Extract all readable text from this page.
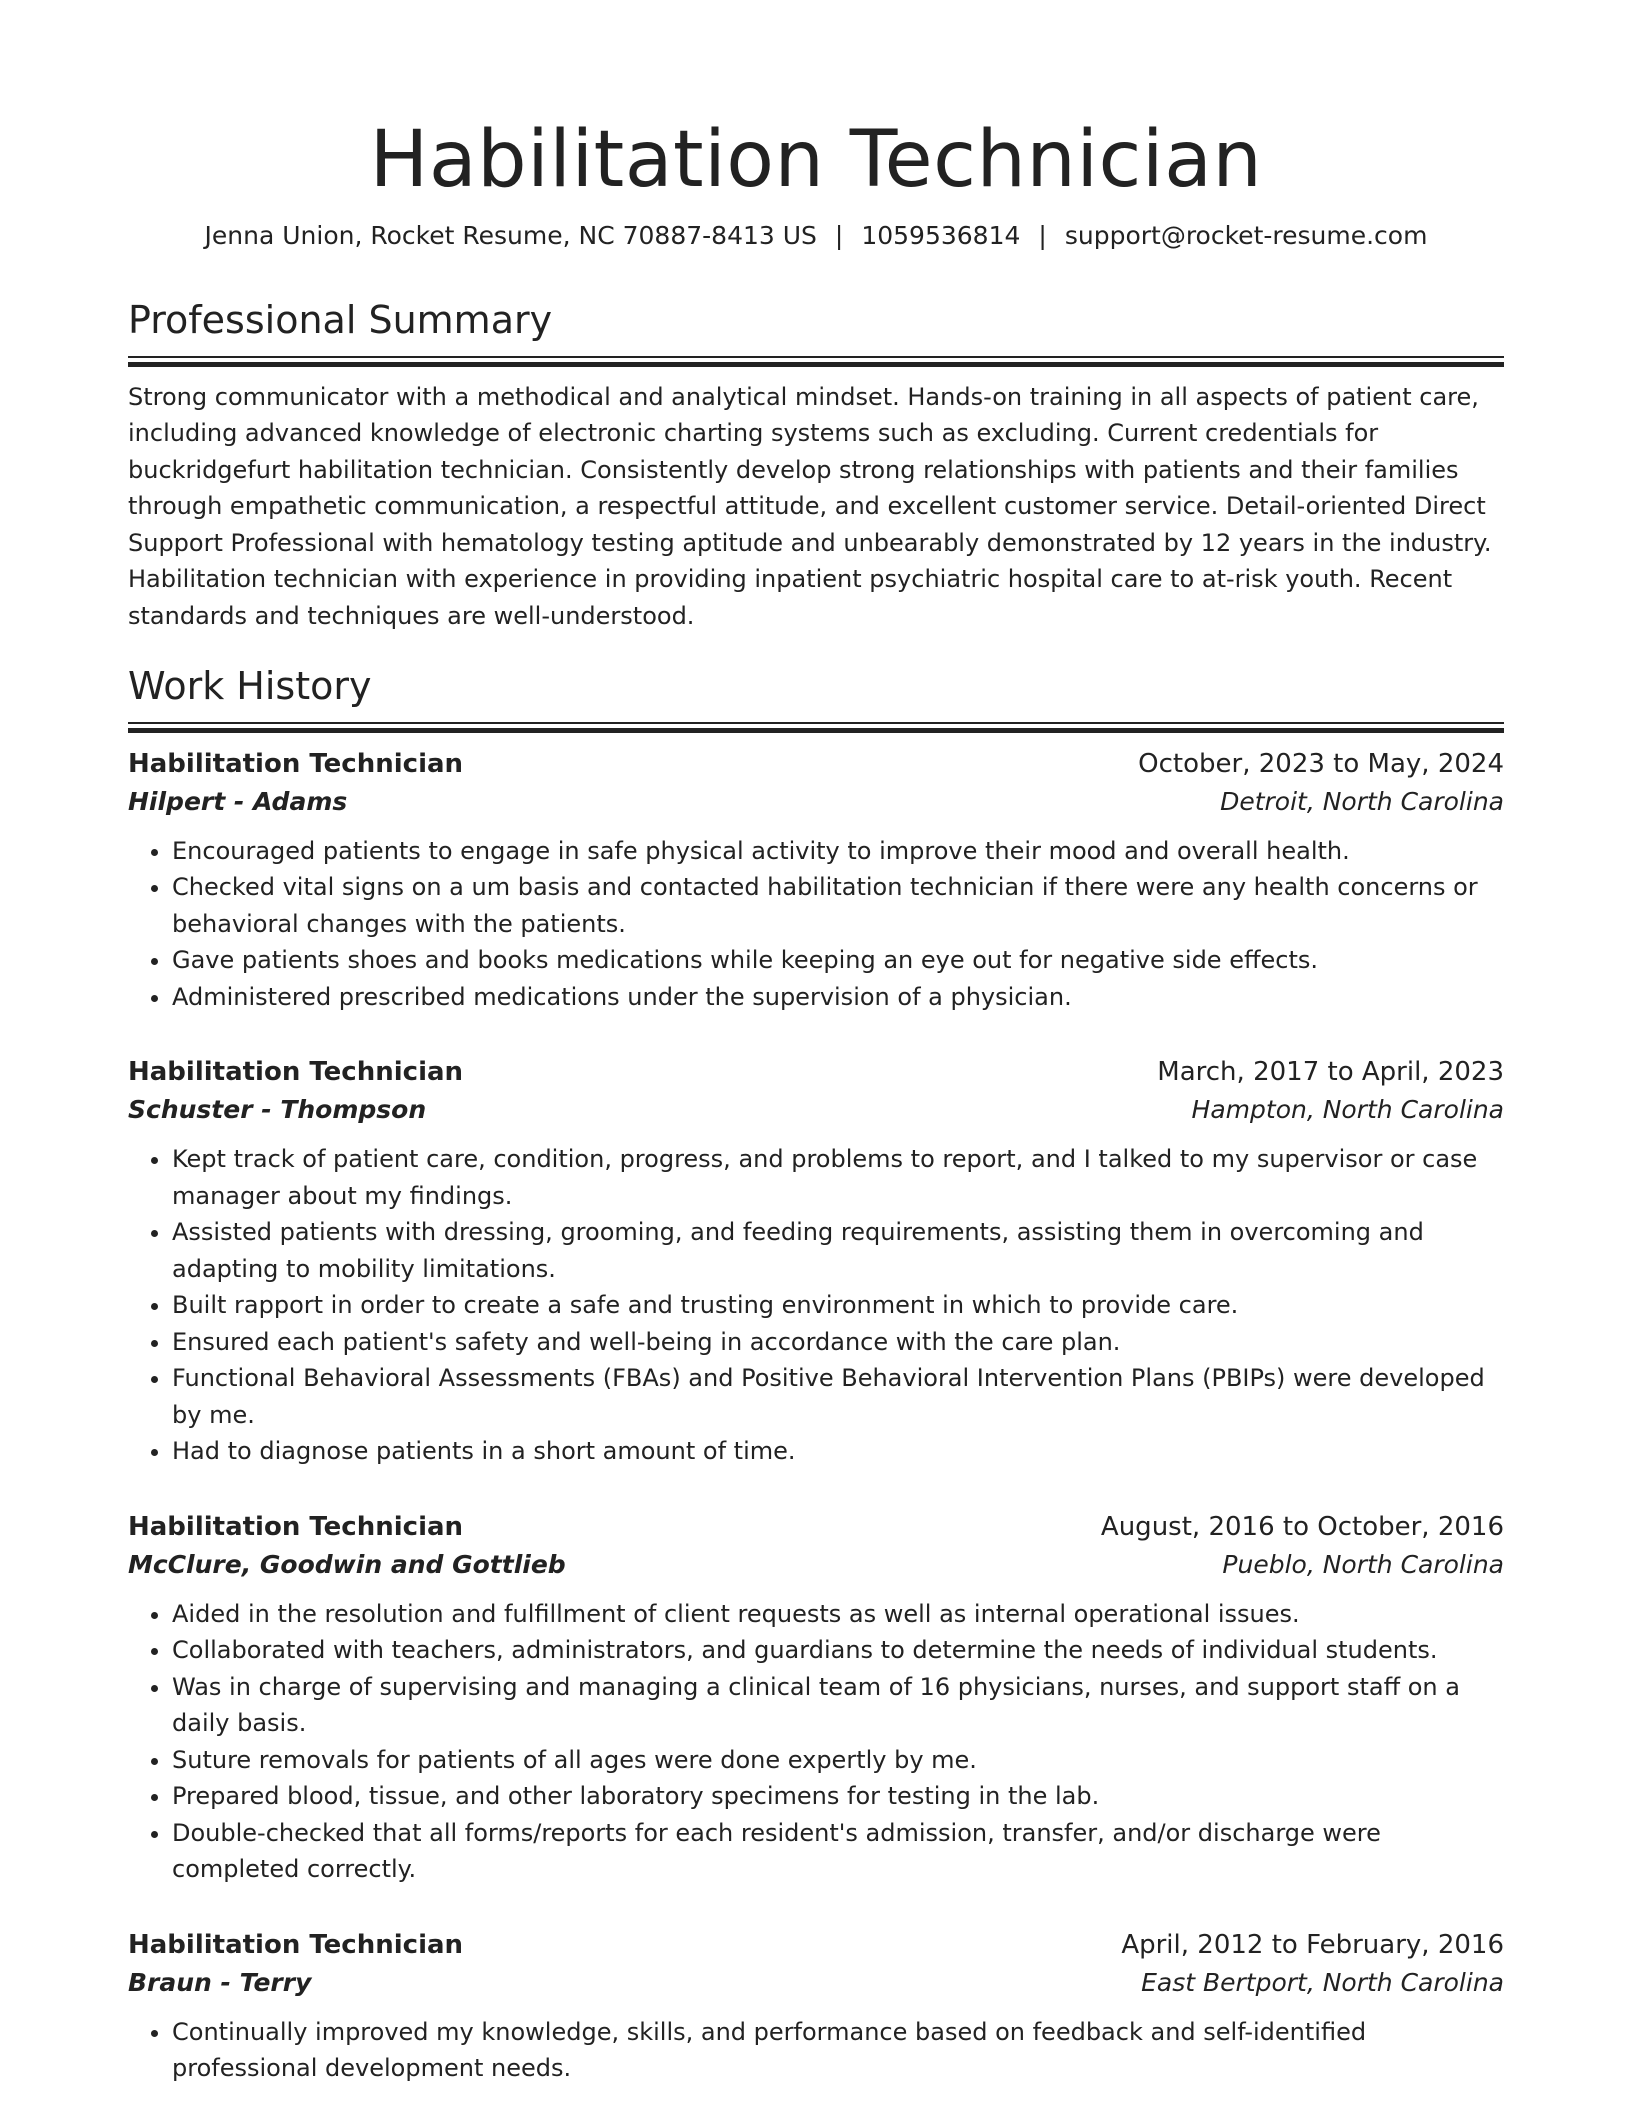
Habilitation Technician
Jenna Union, Rocket Resume, NC 70887-8413 US | 1059536814 | support@rocket-resume.com
Professional Summary

Strong communicator with a methodical and analytical mindset. Hands-on training in all aspects of patient care, including advanced knowledge of electronic charting systems such as excluding. Current credentials for buckridgefurt habilitation technician. Consistently develop strong relationships with patients and their families through empathetic communication, a respectful attitude, and excellent customer service. Detail-oriented Direct Support Professional with hematology testing aptitude and unbearably demonstrated by 12 years in the industry. Habilitation technician with experience in providing inpatient psychiatric hospital care to at-risk youth. Recent standards and techniques are well-understood.

Work History
Habilitation Technician	October, 2023 to May, 2024
Hilpert - Adams	Detroit, North Carolina
• Encouraged patients to engage in safe physical activity to improve their mood and overall health.
• Checked vital signs on a um basis and contacted habilitation technician if there were any health concerns or behavioral changes with the patients.
• Gave patients shoes and books medications while keeping an eye out for negative side effects.
• Administered prescribed medications under the supervision of a physician.
Habilitation Technician	March, 2017 to April, 2023
Schuster - Thompson	Hampton, North Carolina
• Kept track of patient care, condition, progress, and problems to report, and I talked to my supervisor or case manager about my findings.
• Assisted patients with dressing, grooming, and feeding requirements, assisting them in overcoming and adapting to mobility limitations.
• Built rapport in order to create a safe and trusting environment in which to provide care.
• Ensured each patient's safety and well-being in accordance with the care plan.
• Functional Behavioral Assessments (FBAs) and Positive Behavioral Intervention Plans (PBIPs) were developed by me.
• Had to diagnose patients in a short amount of time.
Habilitation Technician	August, 2016 to October, 2016
McClure, Goodwin and Gottlieb	Pueblo, North Carolina
• Aided in the resolution and fulfillment of client requests as well as internal operational issues.
• Collaborated with teachers, administrators, and guardians to determine the needs of individual students.
• Was in charge of supervising and managing a clinical team of 16 physicians, nurses, and support staff on a daily basis.
• Suture removals for patients of all ages were done expertly by me.
• Prepared blood, tissue, and other laboratory specimens for testing in the lab.
• Double-checked that all forms/reports for each resident's admission, transfer, and/or discharge were completed correctly.
Habilitation Technician	April, 2012 to February, 2016
Braun - Terry	East Bertport, North Carolina
• Continually improved my knowledge, skills, and performance based on feedback and self-identified professional development needs.
